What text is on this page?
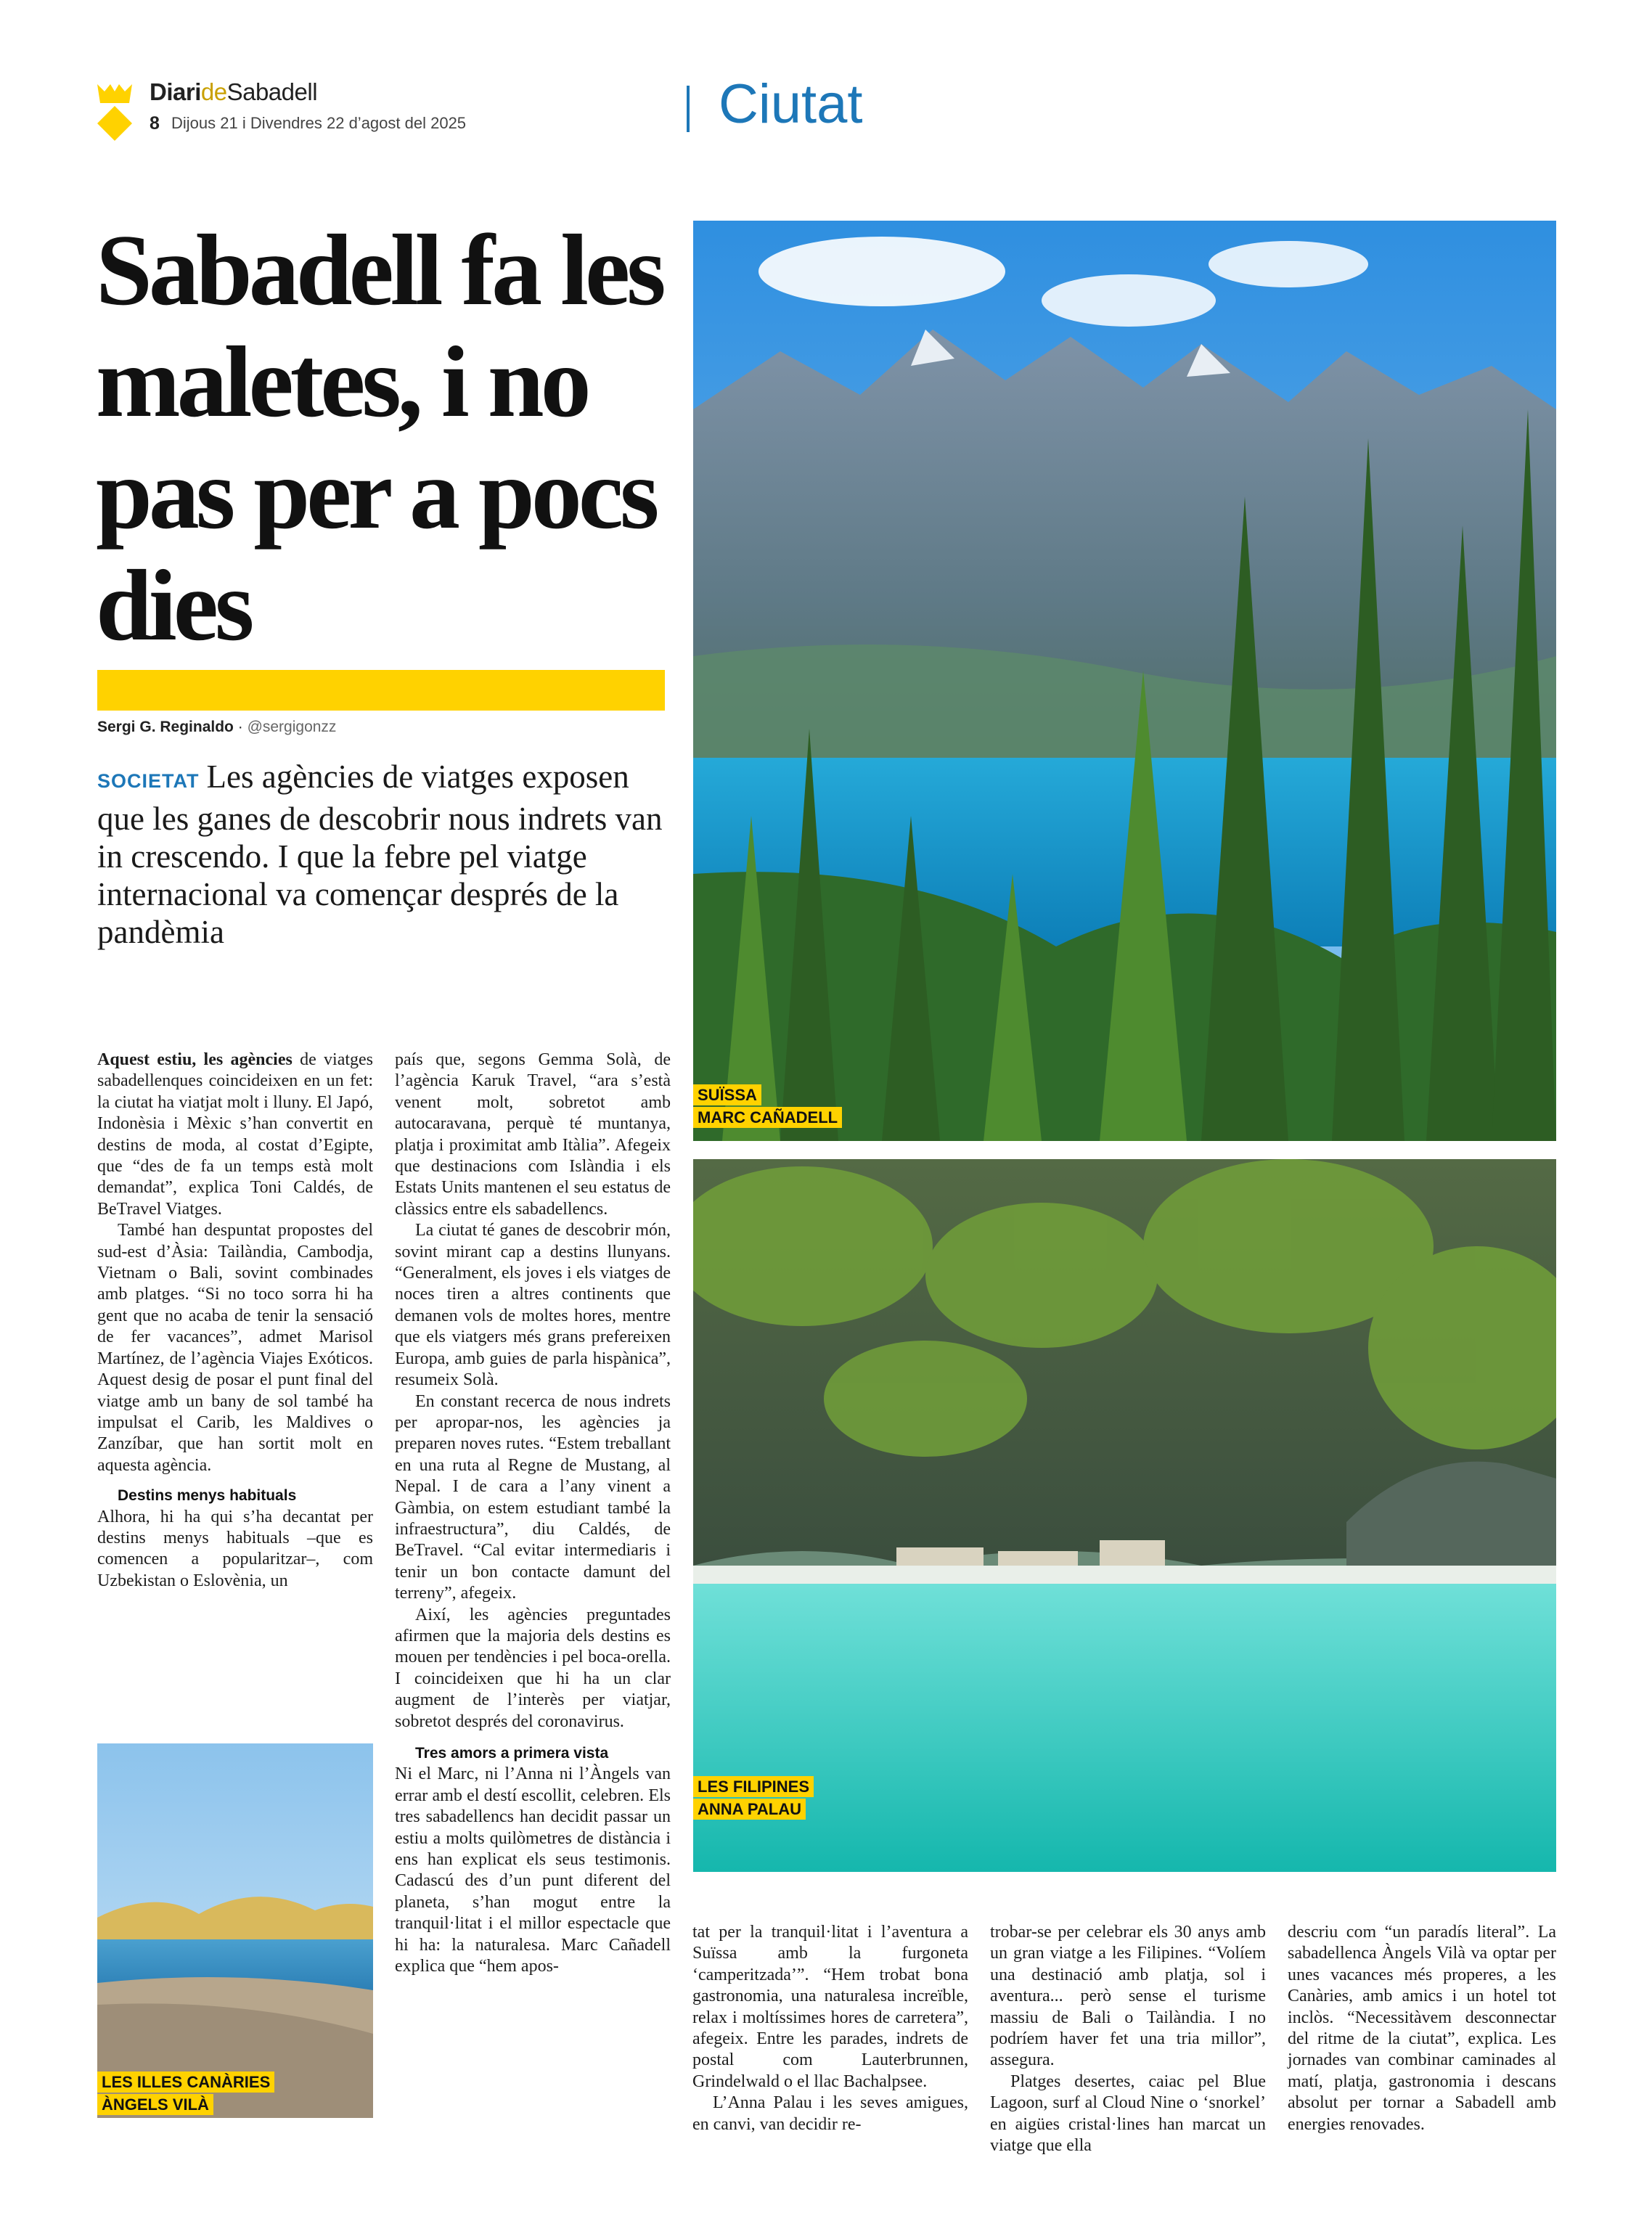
DiarideSabadell
8 Dijous 21 i Divendres 22 d’agost del 2025	Ciutat
Sabadell fa les maletes, i no pas per a pocs dies
Sergi G. Reginaldo · @sergigonzz

SOCIETAT Les agències de viatges exposen que les ganes de descobrir nous indrets van in crescendo. I que la febre pel viatge internacional va començar després de la pandèmia

Aquest estiu, les agències de viatges sabadellenques coincideixen en un fet: la ciutat ha viatjat molt i lluny. El Japó, Indonèsia i Mèxic s’han convertit en destins de moda, al costat d’Egipte, que “des de fa un temps està molt demandat”, explica Toni Caldés, de BeTravel Viatges.

També han despuntat propostes del sud-est d’Àsia: Tailàndia, Cambodja, Vietnam o Bali, sovint combinades amb platges. “Si no toco sorra hi ha gent que no acaba de tenir la sensació de fer vacances”, admet Marisol Martínez, de l’agència Viajes Exóticos. Aquest desig de posar el punt final del viatge amb un bany de sol també ha impulsat el Carib, les Maldives o Zanzíbar, que han sortit molt en aquesta agència.

Destins menys habituals

Alhora, hi ha qui s’ha decantat per destins menys habituals –que es comencen a popularitzar–, com Uzbekistan o Eslovènia, un

país que, segons Gemma Solà, de l’agència Karuk Travel, “ara s’està venent molt, sobretot amb autocaravana, perquè té muntanya, platja i proximitat amb Itàlia”. Afegeix que destinacions com Islàndia i els Estats Units mantenen el seu estatus de clàssics entre els sabadellencs.

La ciutat té ganes de descobrir món, sovint mirant cap a destins llunyans. “Generalment, els joves i els viatges de noces tiren a altres continents que demanen vols de moltes hores, mentre que els viatgers més grans prefereixen Europa, amb guies de parla hispànica”, resumeix Solà.

En constant recerca de nous indrets per apropar-nos, les agències ja preparen noves rutes. “Estem treballant en una ruta al Regne de Mustang, al Nepal. I de cara a l’any vinent a Gàmbia, on estem estudiant també la infraestructura”, diu Caldés, de BeTravel. “Cal evitar intermediaris i tenir un bon contacte damunt del terreny”, afegeix.

Així, les agències preguntades afirmen que la majoria dels destins es mouen per tendències i pel boca-orella. I coincideixen que hi ha un clar augment de l’interès per viatjar, sobretot després del coronavirus.

Tres amors a primera vista

Ni el Marc, ni l’Anna ni l’Àngels van errar amb el destí escollit, celebren. Els tres sabadellencs han decidit passar un estiu a molts quilòmetres de distància i ens han explicat els seus testimonis. Cadascú des d’un punt diferent del planeta, s’han mogut entre la tranquil·litat i el millor espectacle que hi ha: la naturalesa. Marc Cañadell explica que “hem apos-

tat per la tranquil·litat i l’aventura a Suïssa amb la furgoneta ‘camperitzada’”. “Hem trobat bona gastronomia, una naturalesa increïble, relax i moltíssimes hores de carretera”, afegeix. Entre les parades, indrets de postal com Lauterbrunnen, Grindelwald o el llac Bachalpsee.

L’Anna Palau i les seves amigues, en canvi, van decidir re-

trobar-se per celebrar els 30 anys amb un gran viatge a les Filipines. “Volíem una destinació amb platja, sol i aventura... però sense el turisme massiu de Bali o Tailàndia. I no podríem haver fet una tria millor”, assegura.

Platges desertes, caiac pel Blue Lagoon, surf al Cloud Nine o ‘snorkel’ en aigües cristal·lines han marcat un viatge que ella

descriu com “un paradís literal”. La sabadellenca Àngels Vilà va optar per unes vacances més properes, a les Canàries, amb amics i un hotel tot inclòs. “Necessitàvem desconnectar del ritme de la ciutat”, explica. Les jornades van combinar caminades al matí, platja, gastronomia i descans absolut per tornar a Sabadell amb energies renovades.

SUÏSSA
MARC CAÑADELL
LES FILIPINES
ANNA PALAU
LES ILLES CANÀRIES
ÀNGELS VILÀ
